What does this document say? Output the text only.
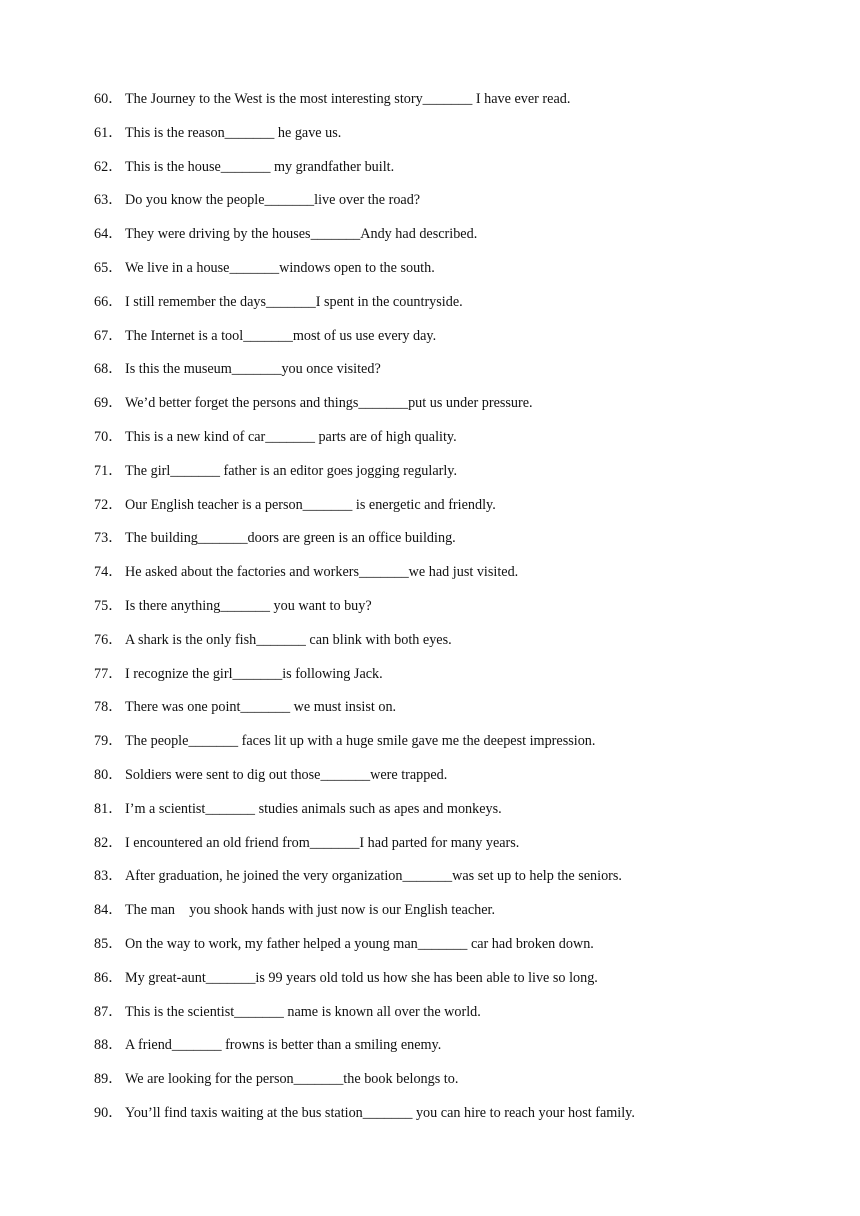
60． The Journey to the West is the most interesting story_______ I have ever read.
61． This is the reason_______ he gave us.
62． This is the house_______ my grandfather built.
63． Do you know the people_______live over the road?
64． They were driving by the houses_______Andy had described.
65． We live in a house_______windows open to the south.
66． I still remember the days_______I spent in the countryside.
67． The Internet is a tool_______most of us use every day.
68． Is this the museum_______you once visited?
69． We’d better forget the persons and things_______put us under pressure.
70． This is a new kind of car_______ parts are of high quality.
71． The girl_______ father is an editor goes jogging regularly.
72． Our English teacher is a person_______ is energetic and friendly.
73． The building_______doors are green is an office building.
74． He asked about the factories and workers_______we had just visited.
75． Is there anything_______ you want to buy?
76． A shark is the only fish_______ can blink with both eyes.
77． I recognize the girl_______is following Jack.
78． There was one point_______ we must insist on.
79． The people_______ faces lit up with a huge smile gave me the deepest impression.
80． Soldiers were sent to dig out those_______were trapped.
81． I’m a scientist_______ studies animals such as apes and monkeys.
82． I encountered an old friend from_______I had parted for many years.
83． After graduation, he joined the very organization_______was set up to help the seniors.
84． The man    you shook hands with just now is our English teacher.
85． On the way to work, my father helped a young man_______ car had broken down.
86． My great-aunt_______is 99 years old told us how she has been able to live so long.
87． This is the scientist_______ name is known all over the world.
88． A friend_______ frowns is better than a smiling enemy.
89． We are looking for the person_______the book belongs to.
90． You’ll find taxis waiting at the bus station_______ you can hire to reach your host family.
